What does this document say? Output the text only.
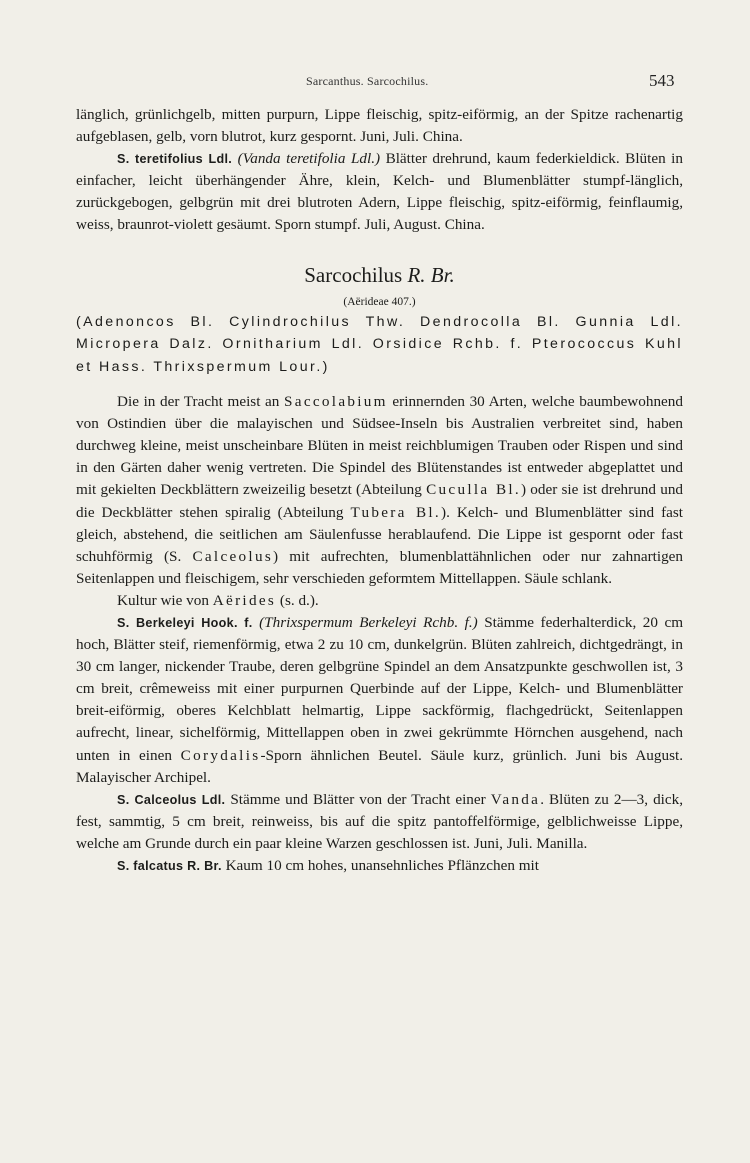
Sarcanthus. Sarcochilus.	543

länglich, grünlichgelb, mitten purpurn, Lippe fleischig, spitz-eiförmig, an der Spitze rachenartig aufgeblasen, gelb, vorn blutrot, kurz gespornt. Juni, Juli. China.

S. teretifolius Ldl. (Vanda teretifolia Ldl.) Blätter drehrund, kaum federkieldick. Blüten in einfacher, leicht überhängender Ähre, klein, Kelch- und Blumenblätter stumpf-länglich, zurückgebogen, gelbgrün mit drei blutroten Adern, Lippe fleischig, spitz-eiförmig, feinflaumig, weiss, braunrot-violett gesäumt. Sporn stumpf. Juli, August. China.

Sarcochilus R. Br.
(Aërideae 407.)

(Adenoncos Bl. Cylindrochilus Thw. Dendrocolla Bl. Gunnia Ldl. Micropera Dalz. Ornitharium Ldl. Orsidice Rchb. f. Pterococcus Kuhl et Hass. Thrixspermum Lour.)

Die in der Tracht meist an Saccolabium erinnernden 30 Arten, welche baumbewohnend von Ostindien über die malayischen und Südsee-Inseln bis Australien verbreitet sind, haben durchweg kleine, meist unscheinbare Blüten in meist reichblumigen Trauben oder Rispen und sind in den Gärten daher wenig vertreten. Die Spindel des Blütenstandes ist entweder abgeplattet und mit gekielten Deckblättern zweizeilig besetzt (Abteilung Cuculla Bl.) oder sie ist drehrund und die Deckblätter stehen spiralig (Abteilung Tubera Bl.). Kelch- und Blumenblätter sind fast gleich, abstehend, die seitlichen am Säulenfusse herablaufend. Die Lippe ist gespornt oder fast schuhförmig (S. Calceolus) mit aufrechten, blumenblattähnlichen oder nur zahnartigen Seitenlappen und fleischigem, sehr verschieden geformtem Mittellappen. Säule schlank.

Kultur wie von Aërides (s. d.).

S. Berkeleyi Hook. f. (Thrixspermum Berkeleyi Rchb. f.) Stämme federhalterdick, 20 cm hoch, Blätter steif, riemenförmig, etwa 2 zu 10 cm, dunkelgrün. Blüten zahlreich, dichtgedrängt, in 30 cm langer, nickender Traube, deren gelbgrüne Spindel an dem Ansatzpunkte geschwollen ist, 3 cm breit, crêmeweiss mit einer purpurnen Querbinde auf der Lippe, Kelch- und Blumenblätter breit-eiförmig, oberes Kelchblatt helmartig, Lippe sackförmig, flachgedrückt, Seitenlappen aufrecht, linear, sichelförmig, Mittellappen oben in zwei gekrümmte Hörnchen ausgehend, nach unten in einen Corydalis-Sporn ähnlichen Beutel. Säule kurz, grünlich. Juni bis August. Malayischer Archipel.

S. Calceolus Ldl. Stämme und Blätter von der Tracht einer Vanda. Blüten zu 2—3, dick, fest, sammtig, 5 cm breit, reinweiss, bis auf die spitz pantoffelförmige, gelblichweisse Lippe, welche am Grunde durch ein paar kleine Warzen geschlossen ist. Juni, Juli. Manilla.

S. falcatus R. Br. Kaum 10 cm hohes, unansehnliches Pflänzchen mit
